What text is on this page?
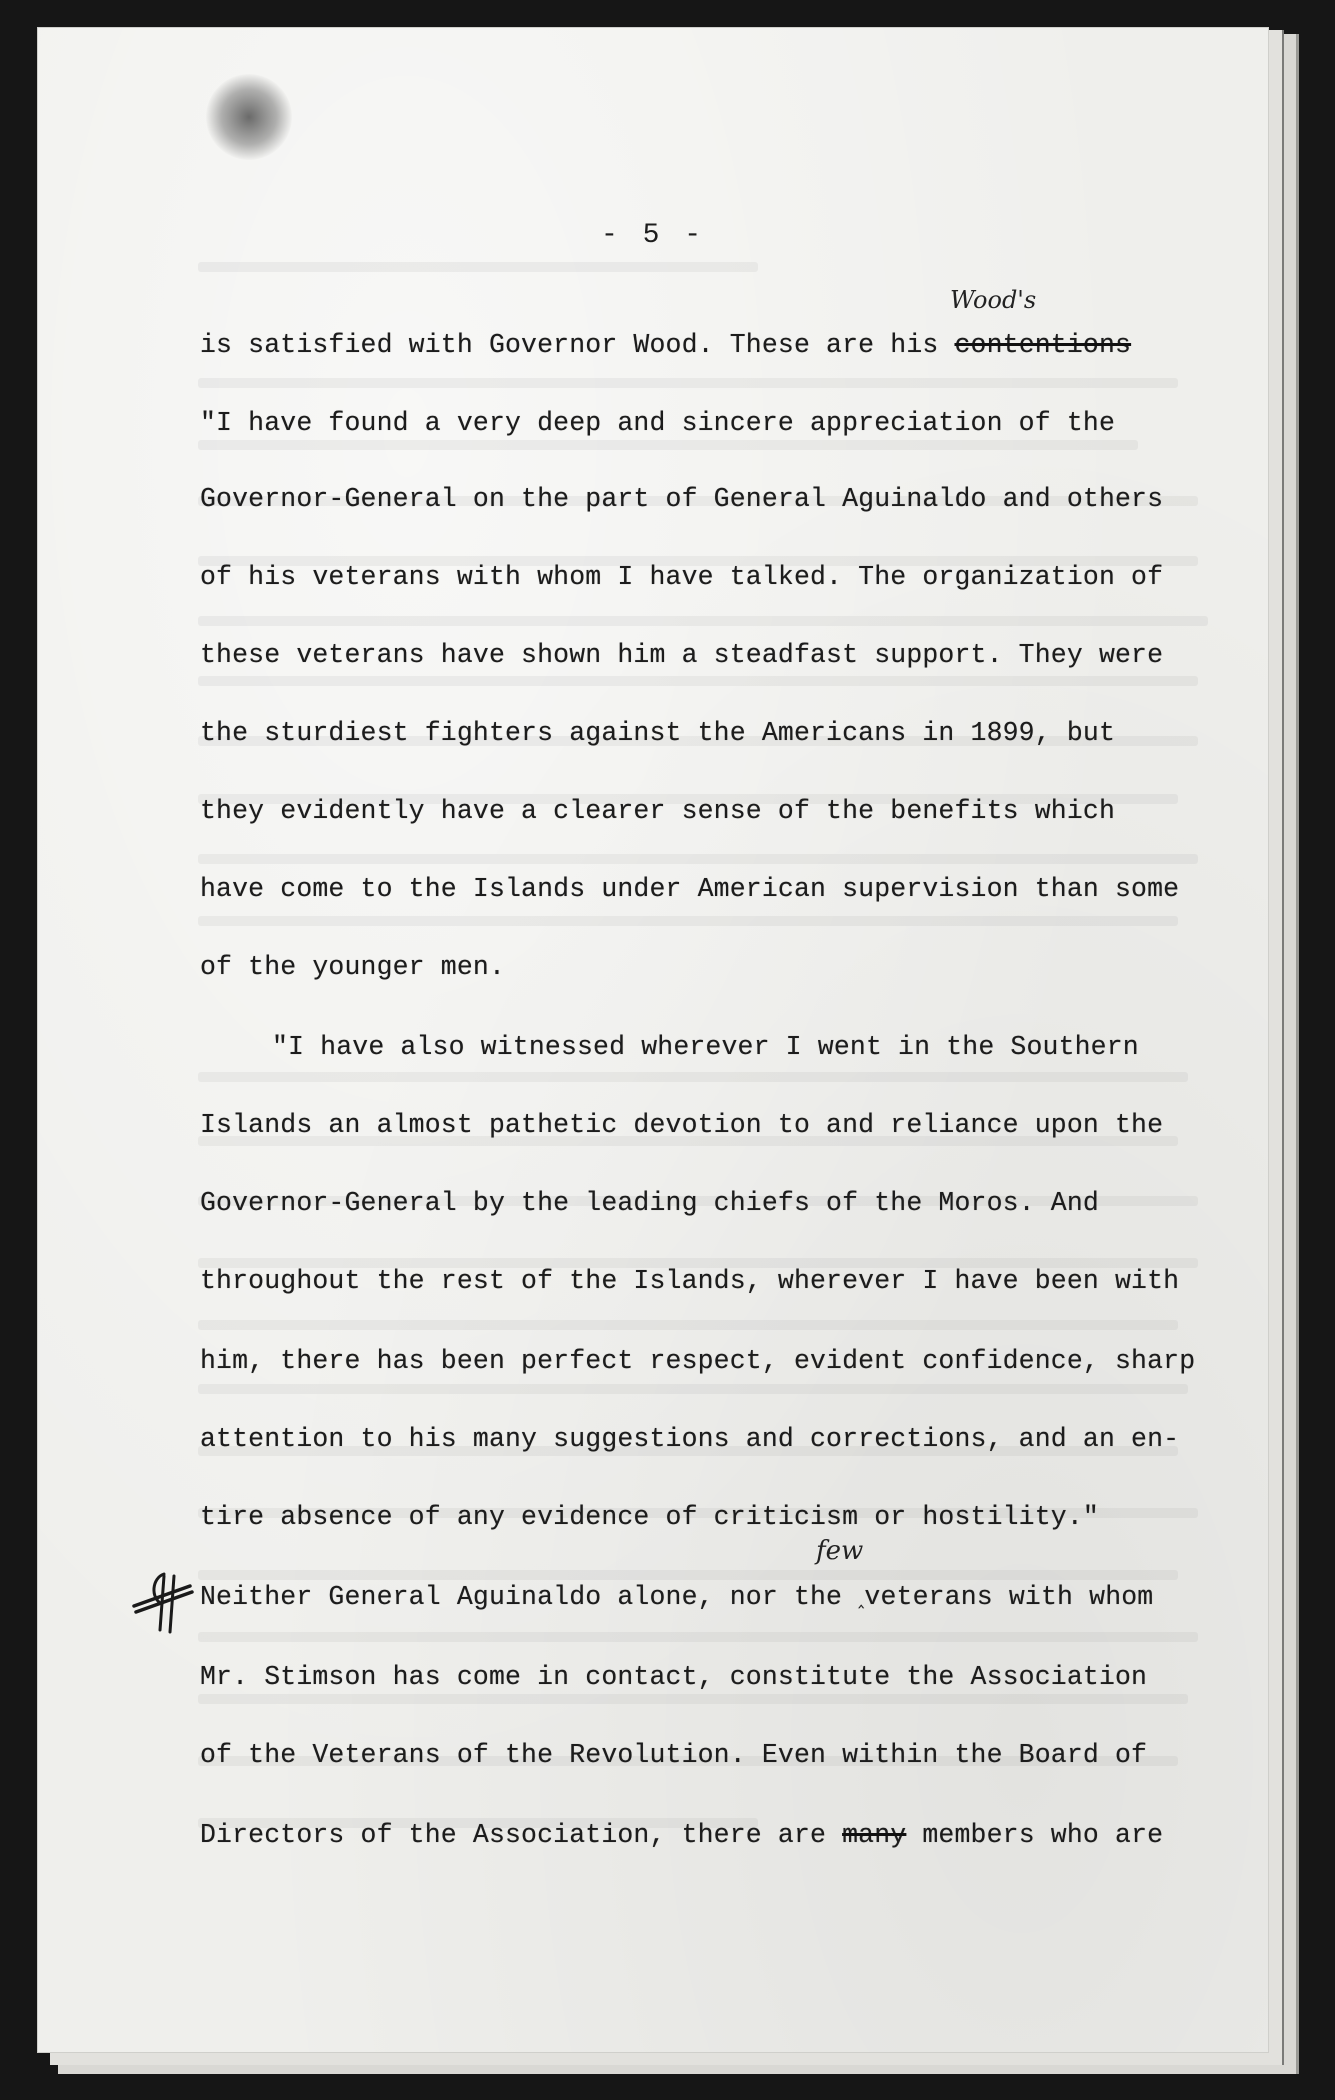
- 5 -
Wood's
is satisfied with Governor Wood. These are his contentions
"I have found a very deep and sincere appreciation of the
Governor-General on the part of General Aguinaldo and others
of his veterans with whom I have talked. The organization of
these veterans have shown him a steadfast support. They were
the sturdiest fighters against the Americans in 1899, but
they evidently have a clearer sense of the benefits which
have come to the Islands under American supervision than some
of the younger men.
"I have also witnessed wherever I went in the Southern
Islands an almost pathetic devotion to and reliance upon the
Governor-General by the leading chiefs of the Moros. And
throughout the rest of the Islands, wherever I have been with
him, there has been perfect respect, evident confidence, sharp
attention to his many suggestions and corrections, and an en-
tire absence of any evidence of criticism or hostility."
few
Neither General Aguinaldo alone, nor the ‸veterans with whom
Mr. Stimson has come in contact, constitute the Association
of the Veterans of the Revolution. Even within the Board of
Directors of the Association, there are many members who are
